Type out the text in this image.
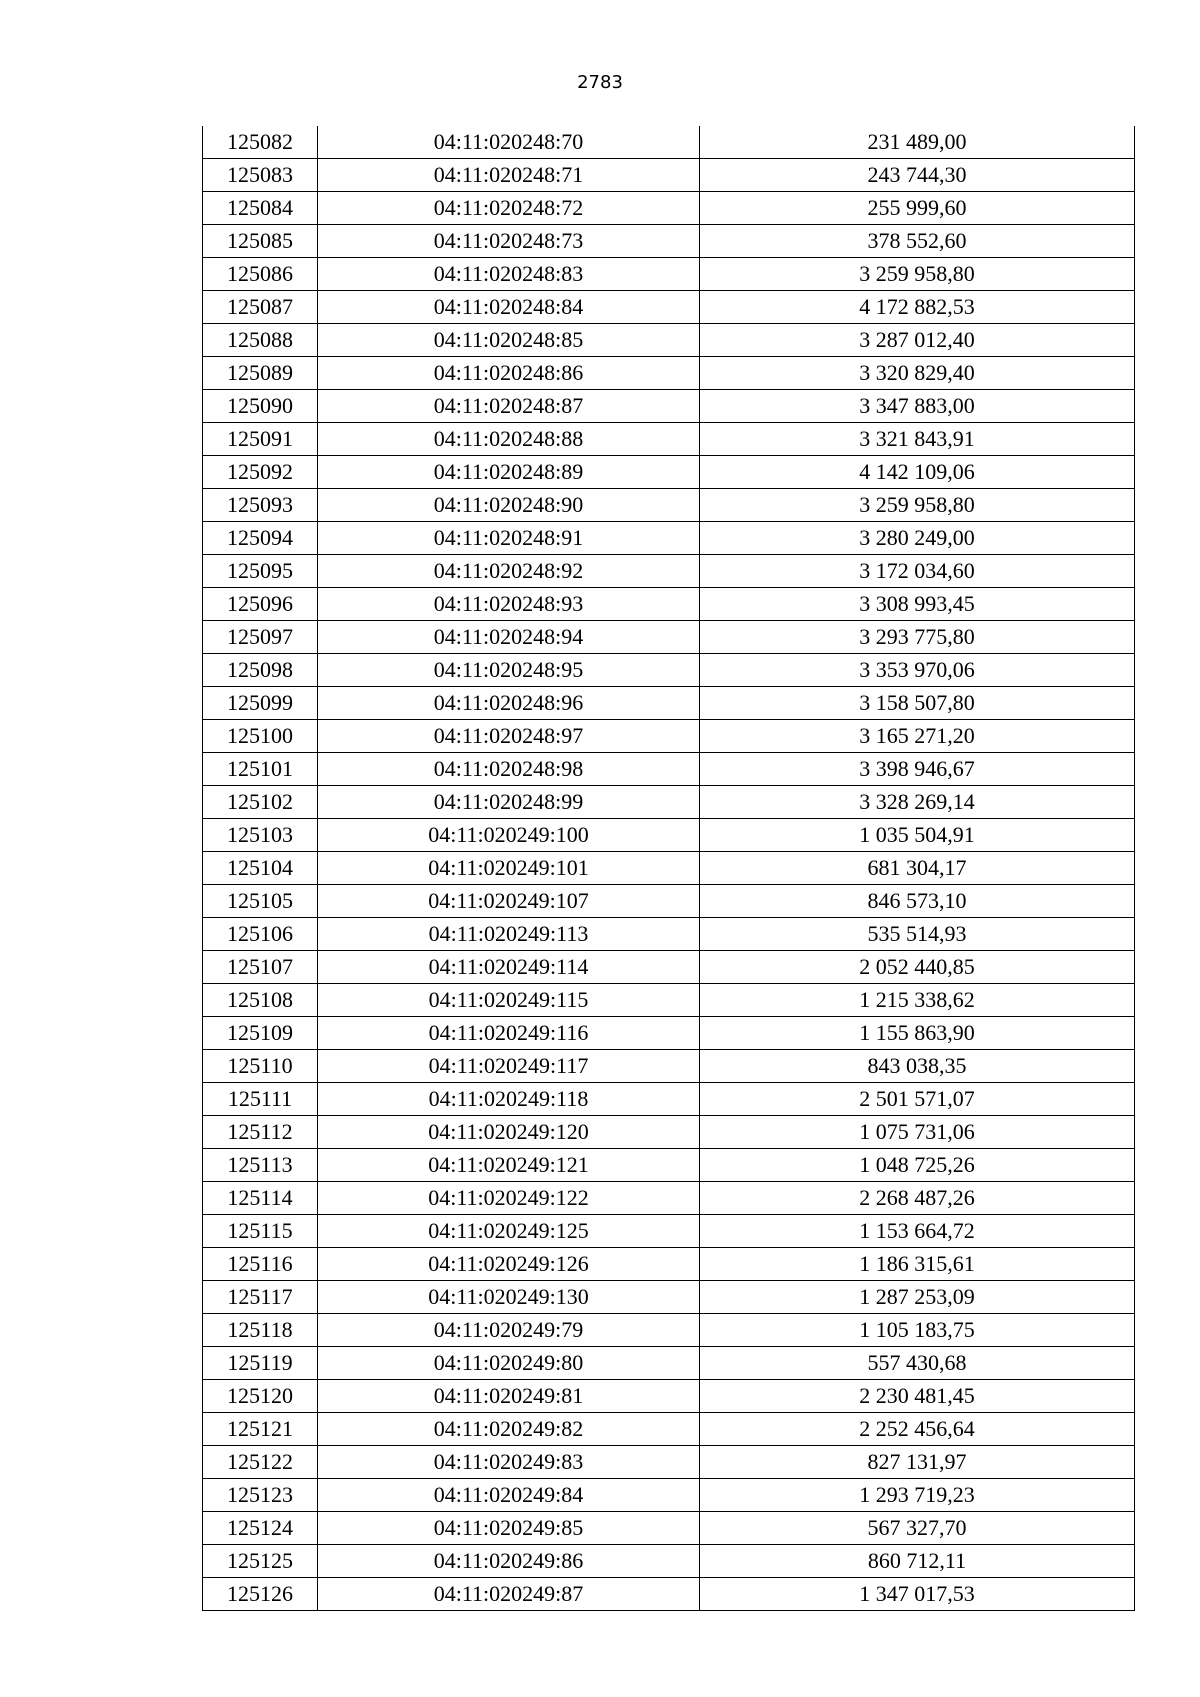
2783
125082	04:11:020248:70	231 489,00
125083	04:11:020248:71	243 744,30
125084	04:11:020248:72	255 999,60
125085	04:11:020248:73	378 552,60
125086	04:11:020248:83	3 259 958,80
125087	04:11:020248:84	4 172 882,53
125088	04:11:020248:85	3 287 012,40
125089	04:11:020248:86	3 320 829,40
125090	04:11:020248:87	3 347 883,00
125091	04:11:020248:88	3 321 843,91
125092	04:11:020248:89	4 142 109,06
125093	04:11:020248:90	3 259 958,80
125094	04:11:020248:91	3 280 249,00
125095	04:11:020248:92	3 172 034,60
125096	04:11:020248:93	3 308 993,45
125097	04:11:020248:94	3 293 775,80
125098	04:11:020248:95	3 353 970,06
125099	04:11:020248:96	3 158 507,80
125100	04:11:020248:97	3 165 271,20
125101	04:11:020248:98	3 398 946,67
125102	04:11:020248:99	3 328 269,14
125103	04:11:020249:100	1 035 504,91
125104	04:11:020249:101	681 304,17
125105	04:11:020249:107	846 573,10
125106	04:11:020249:113	535 514,93
125107	04:11:020249:114	2 052 440,85
125108	04:11:020249:115	1 215 338,62
125109	04:11:020249:116	1 155 863,90
125110	04:11:020249:117	843 038,35
125111	04:11:020249:118	2 501 571,07
125112	04:11:020249:120	1 075 731,06
125113	04:11:020249:121	1 048 725,26
125114	04:11:020249:122	2 268 487,26
125115	04:11:020249:125	1 153 664,72
125116	04:11:020249:126	1 186 315,61
125117	04:11:020249:130	1 287 253,09
125118	04:11:020249:79	1 105 183,75
125119	04:11:020249:80	557 430,68
125120	04:11:020249:81	2 230 481,45
125121	04:11:020249:82	2 252 456,64
125122	04:11:020249:83	827 131,97
125123	04:11:020249:84	1 293 719,23
125124	04:11:020249:85	567 327,70
125125	04:11:020249:86	860 712,11
125126	04:11:020249:87	1 347 017,53
